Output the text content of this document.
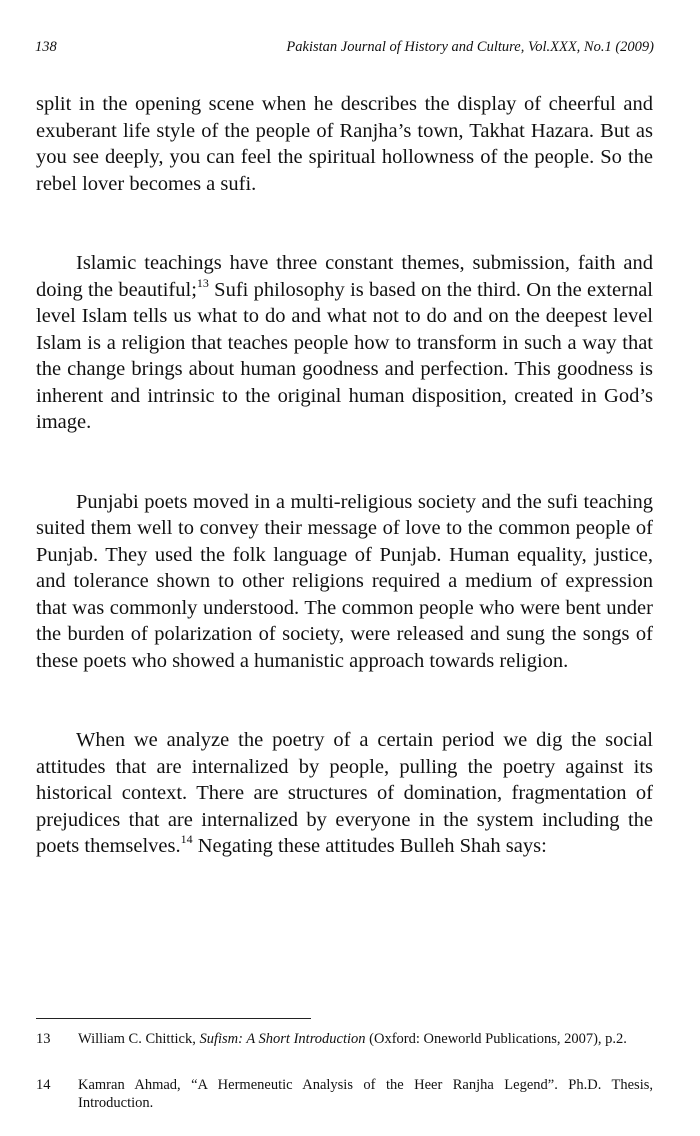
138	Pakistan Journal of History and Culture, Vol.XXX, No.1 (2009)

split in the opening scene when he describes the display of cheerful and exuberant life style of the people of Ranjha’s town, Takhat Hazara. But as you see deeply, you can feel the spiritual hollowness of the people. So the rebel lover becomes a sufi.

Islamic teachings have three constant themes, submission, faith and doing the beautiful;$^{13}$ Sufi philosophy is based on the third. On the external level Islam tells us what to do and what not to do and on the deepest level Islam is a religion that teaches people how to transform in such a way that the change brings about human goodness and perfection. This goodness is inherent and intrinsic to the original human disposition, created in God’s image.

Punjabi poets moved in a multi-religious society and the sufi teaching suited them well to convey their message of love to the common people of Punjab. They used the folk language of Punjab. Human equality, justice, and tolerance shown to other religions required a medium of expression that was commonly understood. The common people who were bent under the burden of polarization of society, were released and sung the songs of these poets who showed a humanistic approach towards religion.

When we analyze the poetry of a certain period we dig the social attitudes that are internalized by people, pulling the poetry against its historical context. There are structures of domination, fragmentation of prejudices that are internalized by everyone in the system including the poets themselves.$^{14}$ Negating these attitudes Bulleh Shah says:

13 William C. Chittick, Sufism: A Short Introduction (Oxford: Oneworld Publications, 2007), p.2.
14 Kamran Ahmad, “A Hermeneutic Analysis of the Heer Ranjha Legend”. Ph.D. Thesis, Introduction.
